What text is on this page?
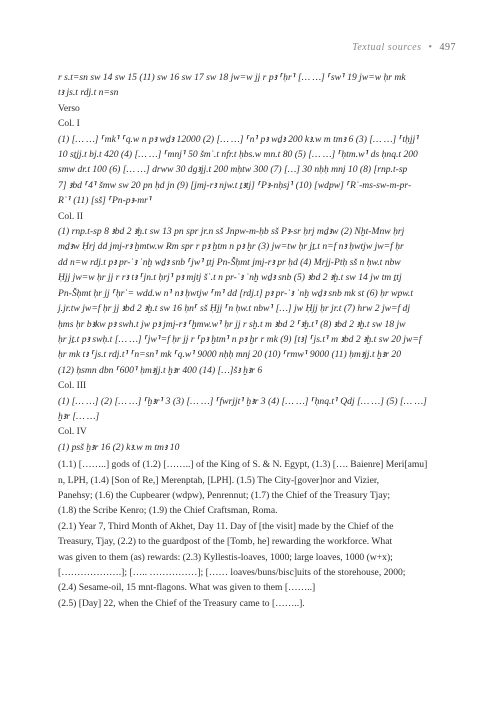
Textual sources • 497

r s.t=sn sw 14 sw 15 (11) sw 16 sw 17 sw 18 jw=w jj r pꜣ ⸢ḥr⸣ [… …] ⸢sw⸣ 19 jw=w ḥr mk

tꜣ js.t rdj.t n=sn

Verso

Col. I

(1) [… …] ⸢mk⸣ ⸢q.w n pꜣ wḏꜣ 12000 (2) [… …] ⸢n⸣ pꜣ wḏꜣ 200 kꜣ.w m tmꜣ 6 (3) [… …] ⸢tḥjj⸣

10 sṯjj.t bj.t 420 (4) [… …] ⸢mnj⸣ 50 šmʿ.t nfr.t ḥbs.w mn.t 80 (5) [… …] ⸢ḥtm.w⸣ ds ḥnq.t 200

smw dr.t 100 (6) [… …] drww 30 dgꜣjj.t 200 mḥtw 300 (7) […] 30 nḥḥ mnj 10 (8) [rnp.t-sp

7] ꜣbd ⸢4⸣ šmw sw 20 pn ḥd jn (9) [jmj-rꜣ njw.t ṯꜣtj] ⸢Pꜣ-nḥsj⸣ (10) [wdpw] ⸢Rʿ-ms-sw-m-pr-

Rʿ⸣ (11) [sš] ⸢Pn-pꜣ-mr⸣

Col. II

(1) rnp.t-sp 8 ꜣbd 2 ꜣḫ.t sw 13 pn spr jr.n sš Jnpw-m-ḥb sš Pꜣ-sr ḥrj mḏꜣw (2) Nḫt-Mnw ḥrj

mḏꜣw Ḥrj dd jmj-rꜣ ḫmtw.w Rm spr r pꜣ ḫtm n pꜣ ḫr (3) jw=tw ḥr jṯ.t n=f nꜣ ḥwtjw jw=f ḥr

dd n=w rdj.t pꜣ pr-ʿꜣ ʿnḫ wḏꜣ snb ⸢jw⸣ ṯtj Pn-Šḥmt jmj-rꜣ pr ḥd (4) Mrjj-Ptḥ sš n ḥw.t nbw

Ḥjj jw=w ḥr jj r rꜣ tꜣ ⸢jn.t ḥrj⸣ pꜣ mjtj šʿ.t n pr-ʿꜣ ʿnḫ wḏꜣ snb (5) ꜣbd 2 ꜣḫ.t sw 14 jw tm ṯtj

Pn-Šḥmt ḥr jj ⸢ḥrʿ= wdd.w n⸣ nꜣ ḥwtjw ⸢m⸣ dd [rdj.t] pꜣ pr-ʿꜣ ʿnḫ wḏꜣ snb mk st (6) ḥr wpw.t

j.jr.tw jw=f ḥr jj ꜣbd 2 ꜣḫ.t sw 16 ḥn⸢ sš Ḥjj ⸢n ḥw.t nbw⸣ […] jw Ḥjj ḥr jr.t (7) hrw 2 jw=f dj

ḥms ḥr bꜣkw pꜣ swh.t jw pꜣ jmj-rꜣ ⸢ḫmw.w⸣ ḥr jj r sḫ.t m ꜣbd 2 ⸢ꜣḫ.t⸣ (8) ꜣbd 2 ꜣḫ.t sw 18 jw

ḥr jṯ.t pꜣ swḥ.t [… …] ⸢jw⸣=f ḥr jj r ⸢pꜣ ḫtm⸣ n pꜣ ḫr r mk (9) [tꜣ] ⸢js.t⸣ m ꜣbd 2 ꜣḫ.t sw 20 jw=f

ḥr mk tꜣ ⸢js.t rdj.t⸣ ⸢n=sn⸣ mk ⸢q.w⸣ 9000 nḥḥ mnj 20 (10) ⸢rmw⸣ 9000 (11) ḥmꜣjj.t ḫꜣr 20

(12) ḥsmn dbn ⸢600⸣ ḥmꜣjj.t ḫꜣr 400 (14) […]šꜣ ḫꜣr 6

Col. III

(1) [… …] (2) [… …] ⸢ḫꜣr⸣ 3 (3) [… …] ⸢fwrjjt⸣ ḫꜣr 3 (4) [… …] ⸢ḥnq.t⸣ Qdj [… …] (5) [… …]

ḫꜣr [… …]

Col. IV

(1) psš ḫꜣr 16 (2) kꜣ.w m tmꜣ 10

(1.1) [……..] gods of (1.2) [……..] of the King of S. & N. Egypt, (1.3) […. Baienre] Meri[amu]

n, LPH, (1.4) [Son of Re,] Merenptah, [LPH]. (1.5) The City-[gover]nor and Vizier,

Panehsy; (1.6) the Cupbearer (wdpw), Penrennut; (1.7) the Chief of the Treasury Tjay;

(1.8) the Scribe Kenro; (1.9) the Chief Craftsman, Roma.

(2.1) Year 7, Third Month of Akhet, Day 11. Day of [the visit] made by the Chief of the

Treasury, Tjay, (2.2) to the guardpost of the [Tomb, he] rewarding the workforce. What

was given to them (as) rewards: (2.3) Kyllestis-loaves, 1000; large loaves, 1000 (w+x);

[……………….]; [….. ……………]; […… loaves/buns/bisc]uits of the storehouse, 2000;

(2.4) Sesame-oil, 15 mnt-flagons. What was given to them [……..]

(2.5) [Day] 22, when the Chief of the Treasury came to [……..].
